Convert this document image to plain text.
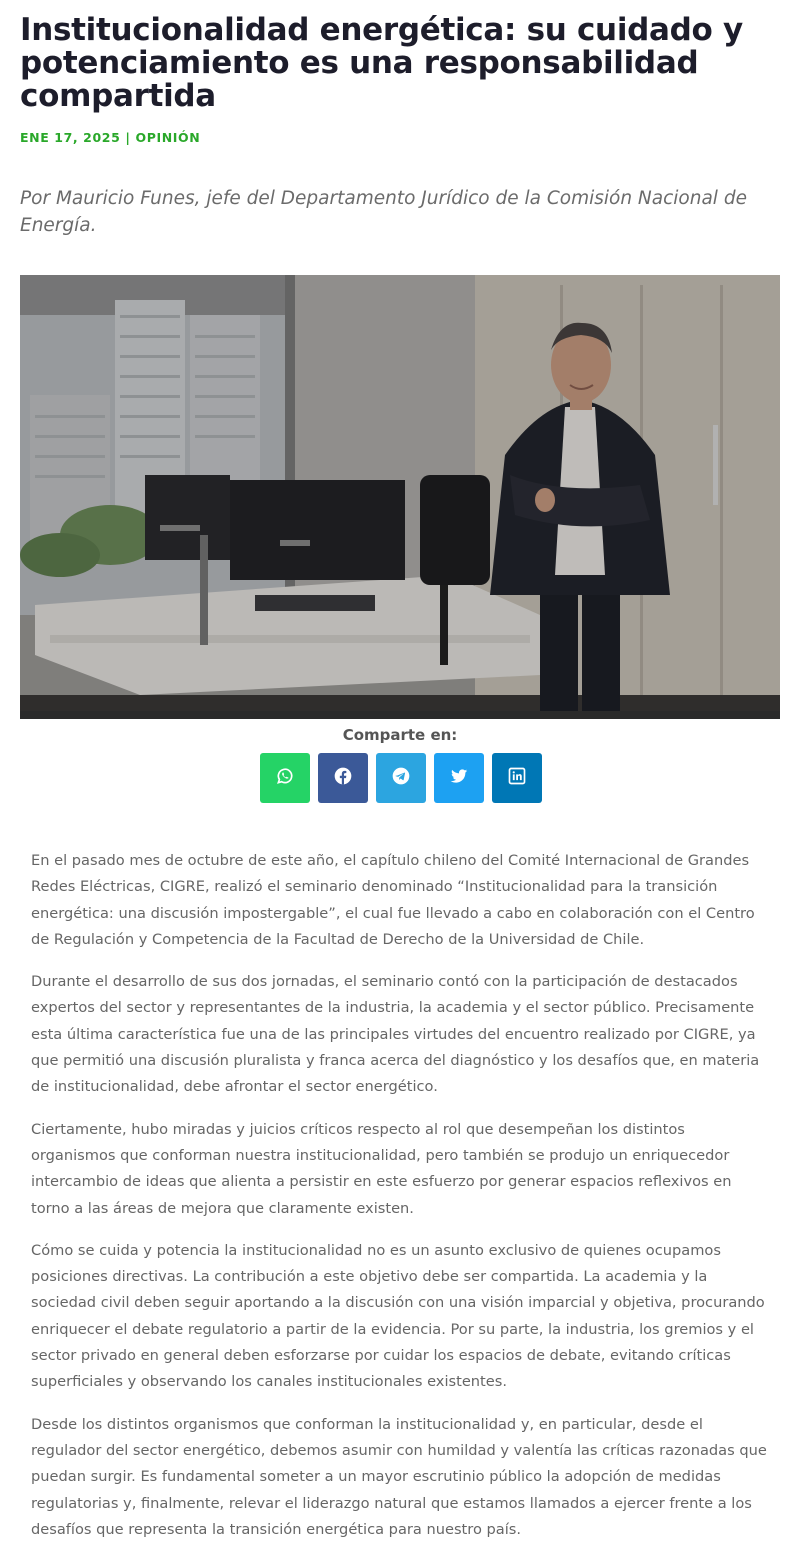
Institucionalidad energética: su cuidado y potenciamiento es una responsabilidad compartida
ENE 17, 2025 | OPINIÓN

Por Mauricio Funes, jefe del Departamento Jurídico de la Comisión Nacional de Energía.

Comparte en:

En el pasado mes de octubre de este año, el capítulo chileno del Comité Internacional de Grandes Redes Eléctricas, CIGRE, realizó el seminario denominado “Institucionalidad para la transición energética: una discusión impostergable”, el cual fue llevado a cabo en colaboración con el Centro de Regulación y Competencia de la Facultad de Derecho de la Universidad de Chile.

Durante el desarrollo de sus dos jornadas, el seminario contó con la participación de destacados expertos del sector y representantes de la industria, la academia y el sector público. Precisamente esta última característica fue una de las principales virtudes del encuentro realizado por CIGRE, ya que permitió una discusión pluralista y franca acerca del diagnóstico y los desafíos que, en materia de institucionalidad, debe afrontar el sector energético.

Ciertamente, hubo miradas y juicios críticos respecto al rol que desempeñan los distintos organismos que conforman nuestra institucionalidad, pero también se produjo un enriquecedor intercambio de ideas que alienta a persistir en este esfuerzo por generar espacios reflexivos en torno a las áreas de mejora que claramente existen.

Cómo se cuida y potencia la institucionalidad no es un asunto exclusivo de quienes ocupamos posiciones directivas. La contribución a este objetivo debe ser compartida. La academia y la sociedad civil deben seguir aportando a la discusión con una visión imparcial y objetiva, procurando enriquecer el debate regulatorio a partir de la evidencia. Por su parte, la industria, los gremios y el sector privado en general deben esforzarse por cuidar los espacios de debate, evitando críticas superficiales y observando los canales institucionales existentes.

Desde los distintos organismos que conforman la institucionalidad y, en particular, desde el regulador del sector energético, debemos asumir con humildad y valentía las críticas razonadas que puedan surgir. Es fundamental someter a un mayor escrutinio público la adopción de medidas regulatorias y, finalmente, relevar el liderazgo natural que estamos llamados a ejercer frente a los desafíos que representa la transición energética para nuestro país.
